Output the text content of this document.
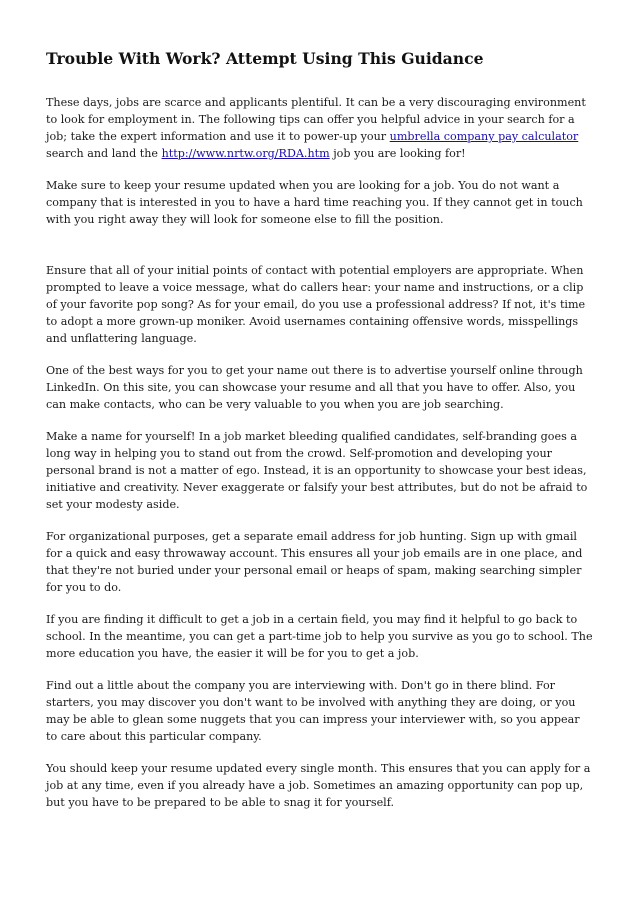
Trouble With Work? Attempt Using This Guidance

These days, jobs are scarce and applicants plentiful. It can be a very discouraging environment to look for employment in. The following tips can offer you helpful advice in your search for a job; take the expert information and use it to power-up your umbrella company pay calculator search and land the http://www.nrtw.org/RDA.htm job you are looking for!

Make sure to keep your resume updated when you are looking for a job. You do not want a company that is interested in you to have a hard time reaching you. If they cannot get in touch with you right away they will look for someone else to fill the position.

Ensure that all of your initial points of contact with potential employers are appropriate. When prompted to leave a voice message, what do callers hear: your name and instructions, or a clip of your favorite pop song? As for your email, do you use a professional address? If not, it's time to adopt a more grown-up moniker. Avoid usernames containing offensive words, misspellings and unflattering language.

One of the best ways for you to get your name out there is to advertise yourself online through LinkedIn. On this site, you can showcase your resume and all that you have to offer. Also, you can make contacts, who can be very valuable to you when you are job searching.

Make a name for yourself! In a job market bleeding qualified candidates, self-branding goes a long way in helping you to stand out from the crowd. Self-promotion and developing your personal brand is not a matter of ego. Instead, it is an opportunity to showcase your best ideas, initiative and creativity. Never exaggerate or falsify your best attributes, but do not be afraid to set your modesty aside.

For organizational purposes, get a separate email address for job hunting. Sign up with gmail for a quick and easy throwaway account. This ensures all your job emails are in one place, and that they're not buried under your personal email or heaps of spam, making searching simpler for you to do.

If you are finding it difficult to get a job in a certain field, you may find it helpful to go back to school. In the meantime, you can get a part-time job to help you survive as you go to school. The more education you have, the easier it will be for you to get a job.

Find out a little about the company you are interviewing with. Don't go in there blind. For starters, you may discover you don't want to be involved with anything they are doing, or you may be able to glean some nuggets that you can impress your interviewer with, so you appear to care about this particular company.

You should keep your resume updated every single month. This ensures that you can apply for a job at any time, even if you already have a job. Sometimes an amazing opportunity can pop up, but you have to be prepared to be able to snag it for yourself.
